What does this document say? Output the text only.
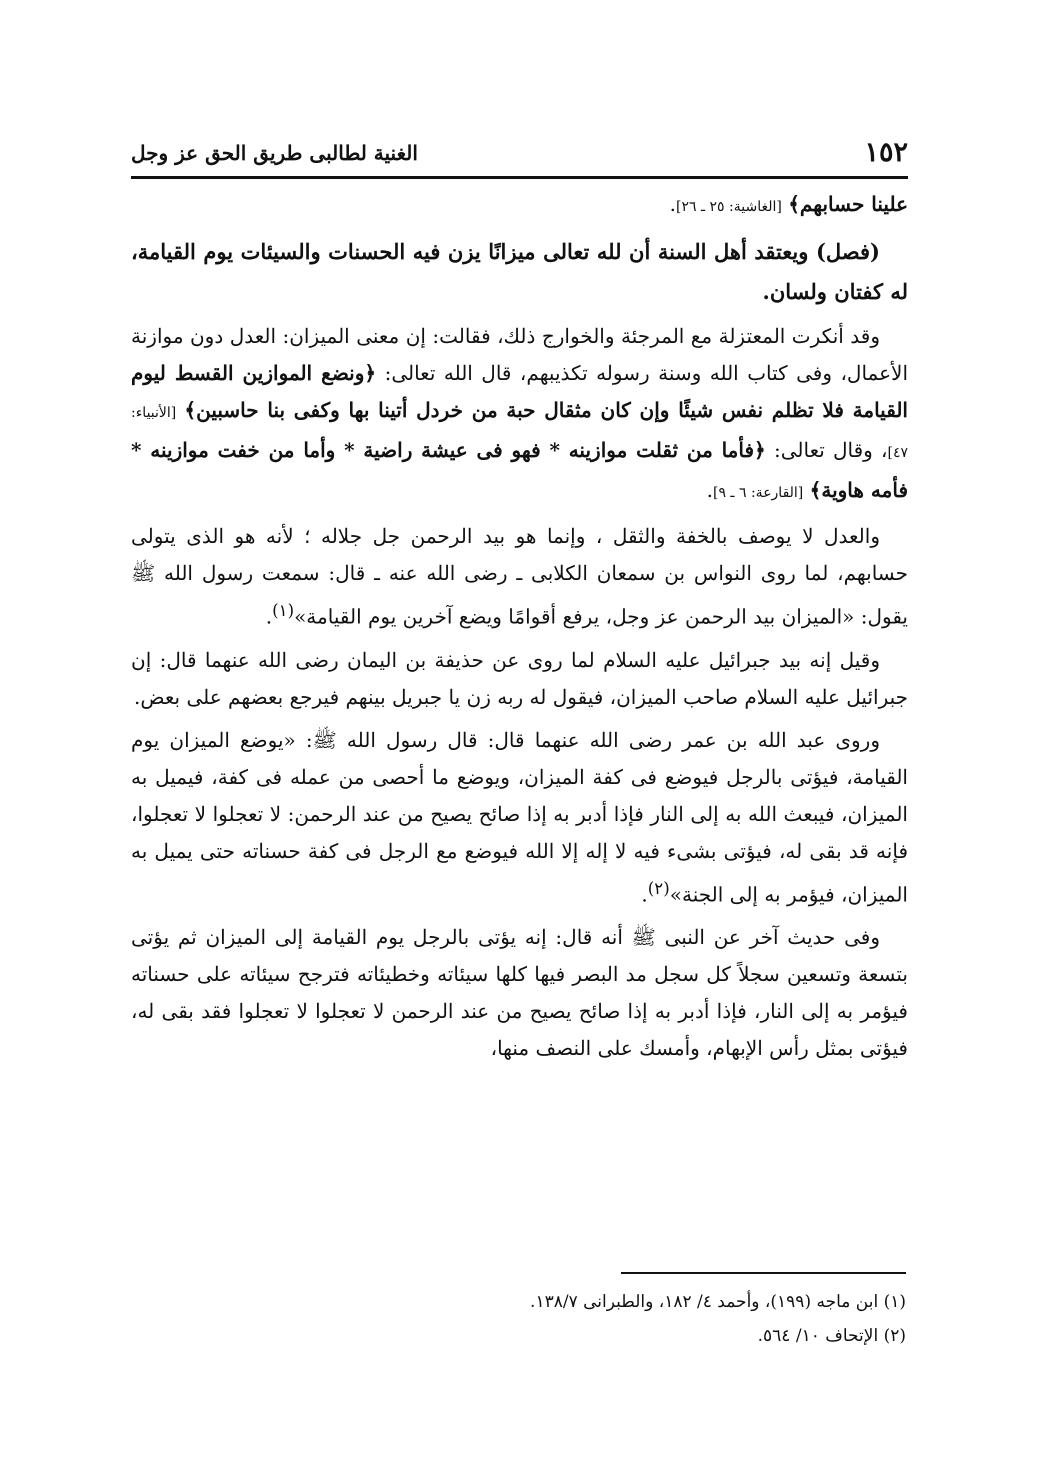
١٥٢
الغنية لطالبى طريق الحق عز وجل

علينا حسابهم﴾ [الغاشية: ٢٥ ـ ٢٦].

(فصل) ويعتقد أهل السنة أن لله تعالى ميزانًا يزن فيه الحسنات والسيئات يوم القيامة، له كفتان ولسان.

وقد أنكرت المعتزلة مع المرجئة والخوارج ذلك، فقالت: إن معنى الميزان: العدل دون موازنة الأعمال، وفى كتاب الله وسنة رسوله تكذيبهم، قال الله تعالى: ﴿ونضع الموازين القسط ليوم القيامة فلا تظلم نفس شيئًا وإن كان مثقال حبة من خردل أتينا بها وكفى بنا حاسبين﴾ [الأنبياء: ٤٧]، وقال تعالى: ﴿فأما من ثقلت موازينه * فهو فى عيشة راضية * وأما من خفت موازينه * فأمه هاوية﴾ [القارعة: ٦ ـ ٩].

والعدل لا يوصف بالخفة والثقل ، وإنما هو بيد الرحمن جل جلاله ؛ لأنه هو الذى يتولى حسابهم، لما روى النواس بن سمعان الكلابى ـ رضى الله عنه ـ قال: سمعت رسول الله ﷺ يقول: «الميزان بيد الرحمن عز وجل، يرفع أقوامًا ويضع آخرين يوم القيامة»$^{(١)}$.

وقيل إنه بيد جبرائيل عليه السلام لما روى عن حذيفة بن اليمان رضى الله عنهما قال: إن جبرائيل عليه السلام صاحب الميزان، فيقول له ربه زن يا جبريل بينهم فيرجع بعضهم على بعض.

وروى عبد الله بن عمر رضى الله عنهما قال: قال رسول الله ﷺ: «يوضع الميزان يوم القيامة، فيؤتى بالرجل فيوضع فى كفة الميزان، ويوضع ما أحصى من عمله فى كفة، فيميل به الميزان، فيبعث الله به إلى النار فإذا أدبر به إذا صائح يصيح من عند الرحمن: لا تعجلوا لا تعجلوا، فإنه قد بقى له، فيؤتى بشىء فيه لا إله إلا الله فيوضع مع الرجل فى كفة حسناته حتى يميل به الميزان، فيؤمر به إلى الجنة»$^{(٢)}$.

وفى حديث آخر عن النبى ﷺ أنه قال: إنه يؤتى بالرجل يوم القيامة إلى الميزان ثم يؤتى بتسعة وتسعين سجلاً كل سجل مد البصر فيها كلها سيئاته وخطيئاته فترجح سيئاته على حسناته فيؤمر به إلى النار، فإذا أدبر به إذا صائح يصيح من عند الرحمن لا تعجلوا لا تعجلوا فقد بقى له، فيؤتى بمثل رأس الإبهام، وأمسك على النصف منها،

(١) ابن ماجه (١٩٩)، وأحمد ٤/ ١٨٢، والطبرانى ١٣٨/٧.
(٢) الإتحاف ١٠/ ٥٦٤.
